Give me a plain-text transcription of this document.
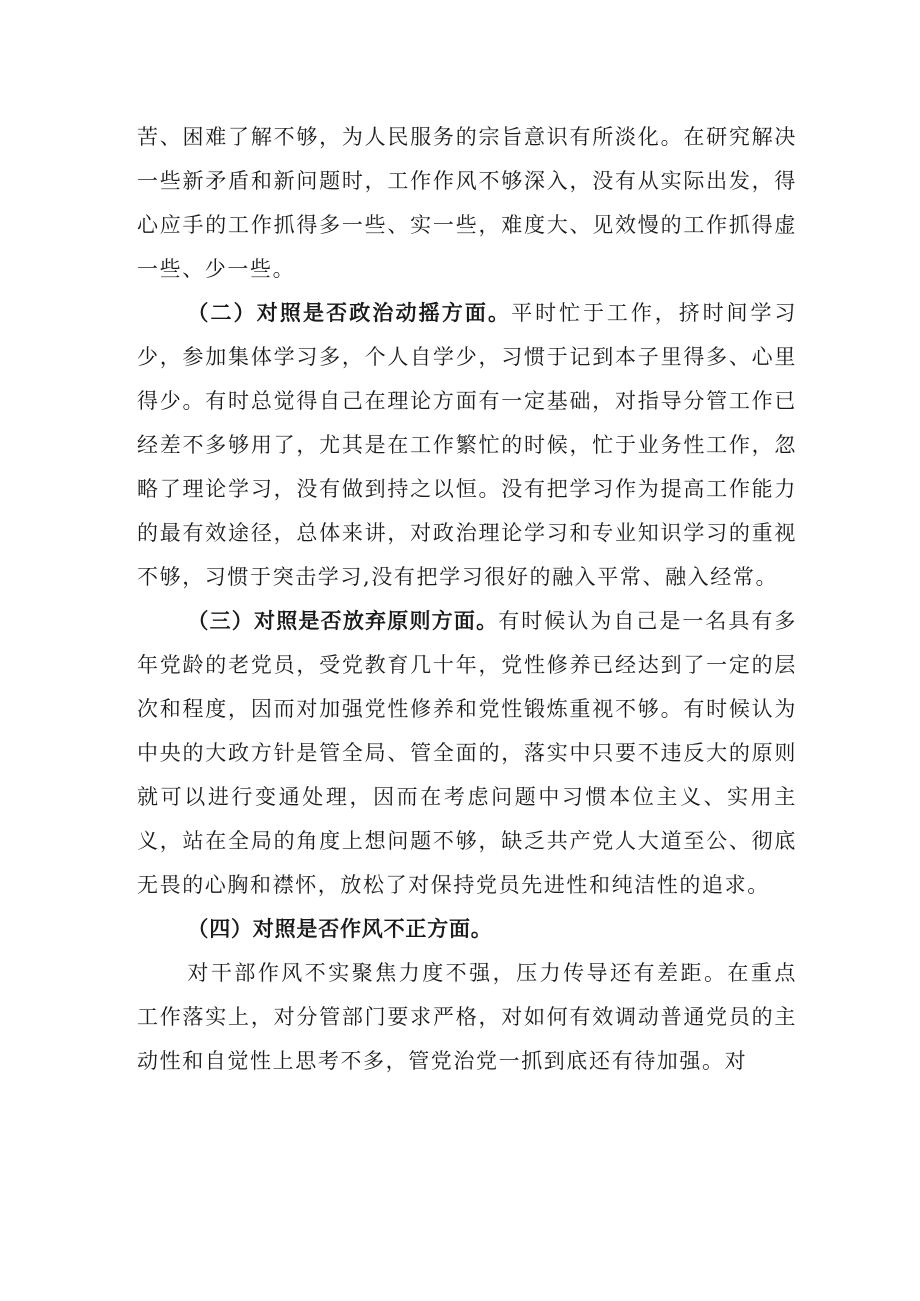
苦、困难了解不够，为人民服务的宗旨意识有所淡化。在研究解决一些新矛盾和新问题时，工作作风不够深入，没有从实际出发，得心应手的工作抓得多一些、实一些，难度大、见效慢的工作抓得虚一些、少一些。

（二）对照是否政治动摇方面。平时忙于工作，挤时间学习少，参加集体学习多，个人自学少，习惯于记到本子里得多、心里得少。有时总觉得自己在理论方面有一定基础，对指导分管工作已经差不多够用了，尤其是在工作繁忙的时候，忙于业务性工作，忽略了理论学习，没有做到持之以恒。没有把学习作为提高工作能力的最有效途径，总体来讲，对政治理论学习和专业知识学习的重视不够，习惯于突击学习,没有把学习很好的融入平常、融入经常。

（三）对照是否放弃原则方面。有时候认为自己是一名具有多年党龄的老党员，受党教育几十年，党性修养已经达到了一定的层次和程度，因而对加强党性修养和党性锻炼重视不够。有时候认为中央的大政方针是管全局、管全面的，落实中只要不违反大的原则就可以进行变通处理，因而在考虑问题中习惯本位主义、实用主义，站在全局的角度上想问题不够，缺乏共产党人大道至公、彻底无畏的心胸和襟怀，放松了对保持党员先进性和纯洁性的追求。

（四）对照是否作风不正方面。

对干部作风不实聚焦力度不强，压力传导还有差距。在重点工作落实上，对分管部门要求严格，对如何有效调动普通党员的主动性和自觉性上思考不多，管党治党一抓到底还有待加强。对
